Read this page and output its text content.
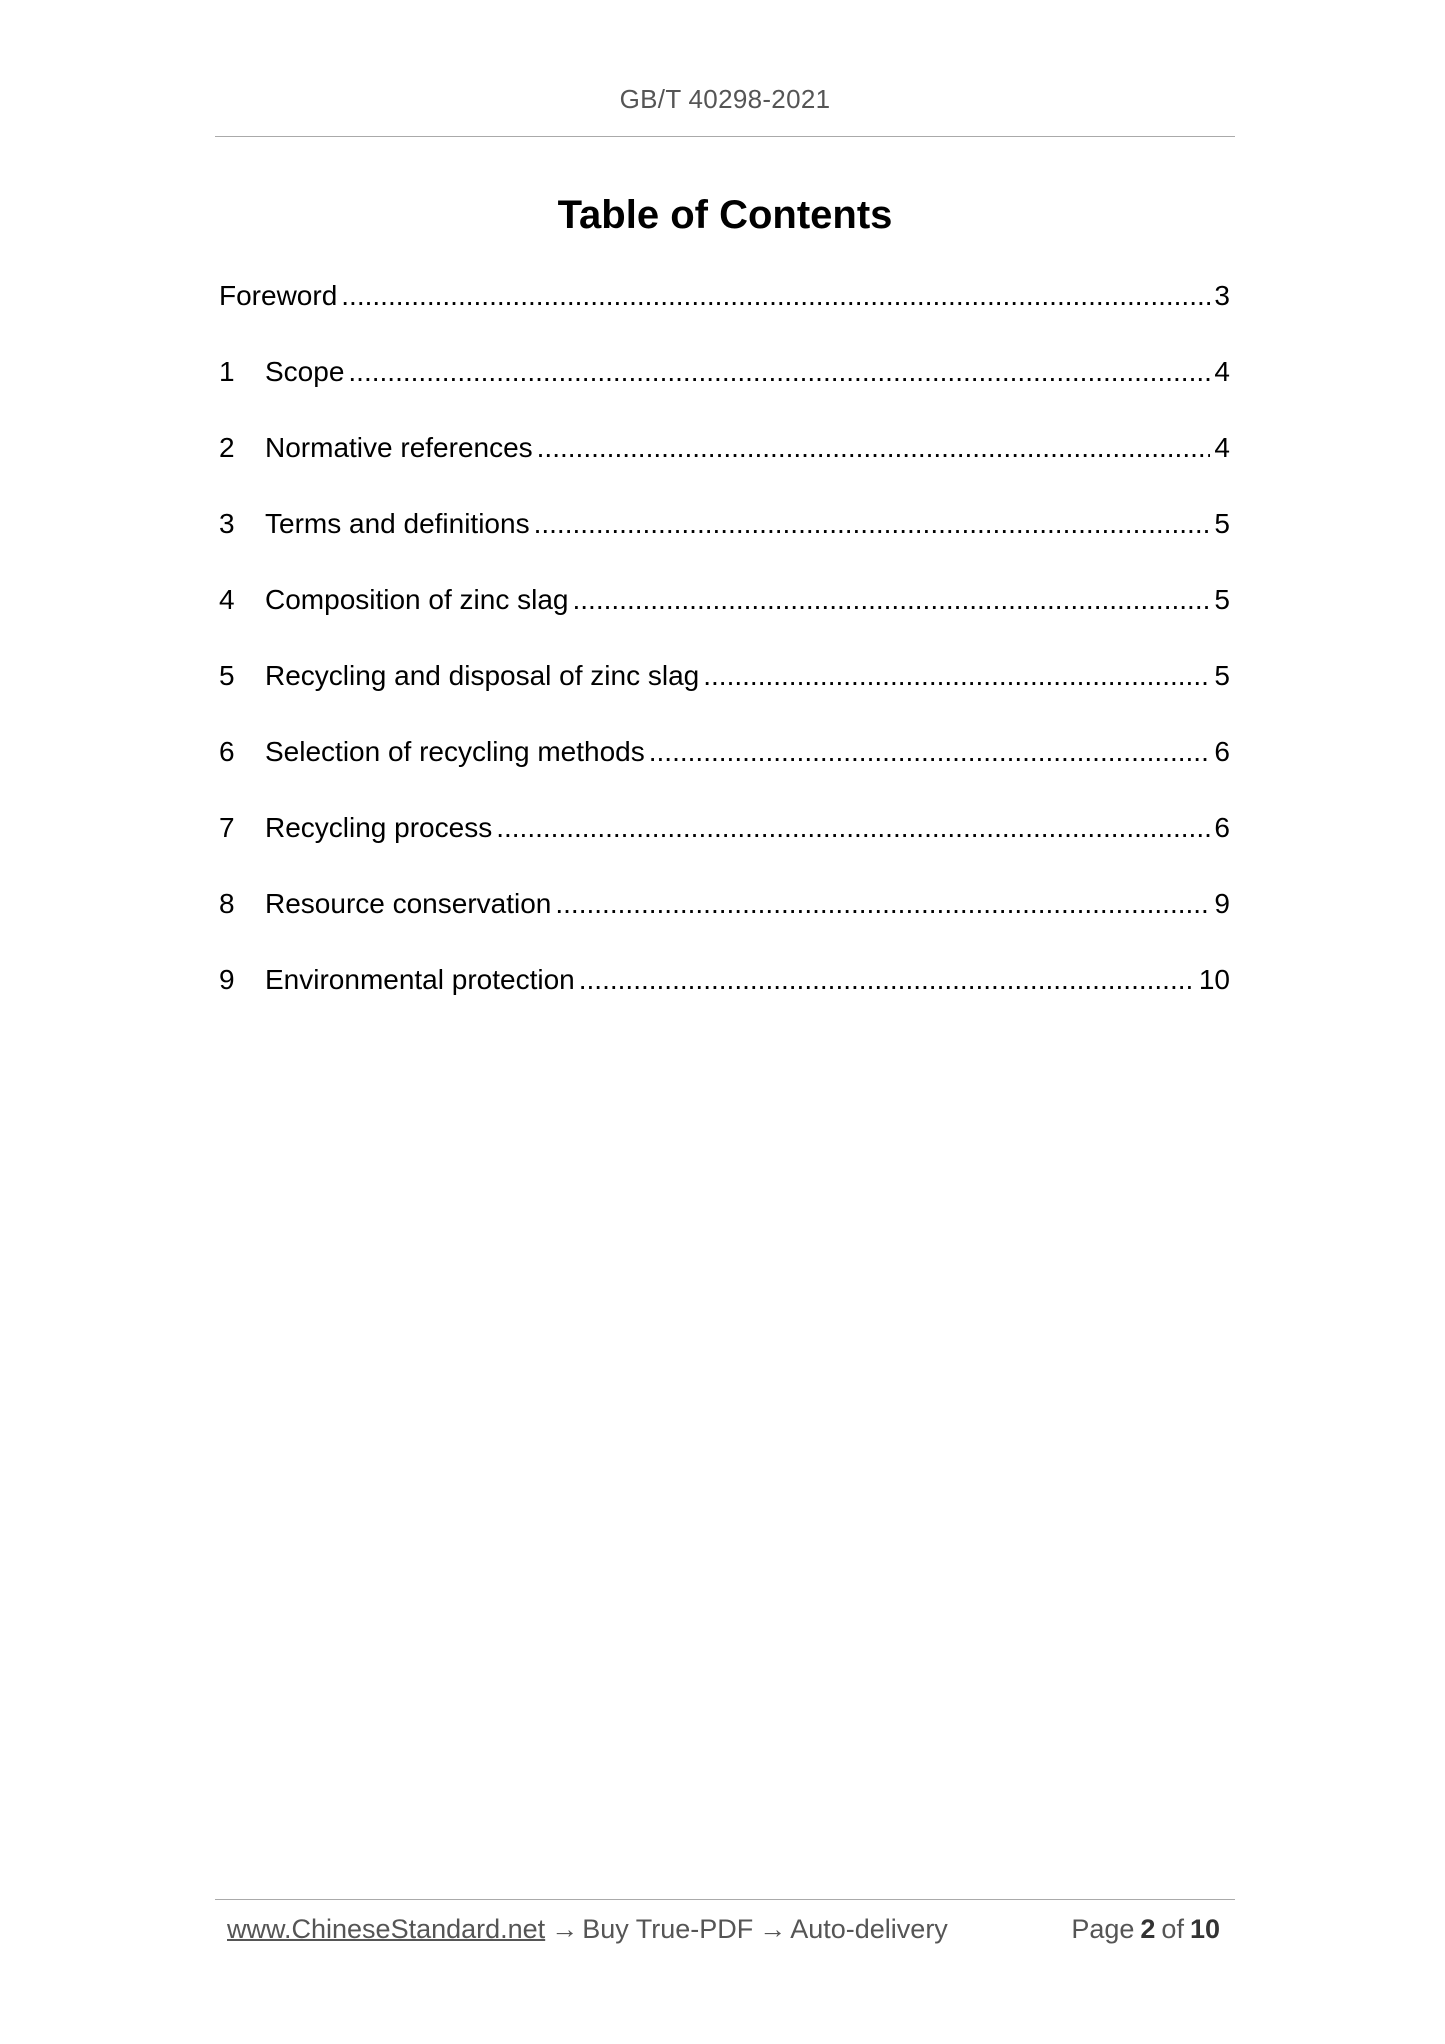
GB/T 40298-2021
Table of Contents
Foreword .....	3
1	Scope .....	4
2	Normative references .....	4
3	Terms and definitions .....	5
4	Composition of zinc slag .....	5
5	Recycling and disposal of zinc slag .....	5
6	Selection of recycling methods .....	6
7	Recycling process .....	6
8	Resource conservation .....	9
9	Environmental protection .....	10
www.ChineseStandard.net → Buy True-PDF → Auto-delivery	Page 2 of 10
